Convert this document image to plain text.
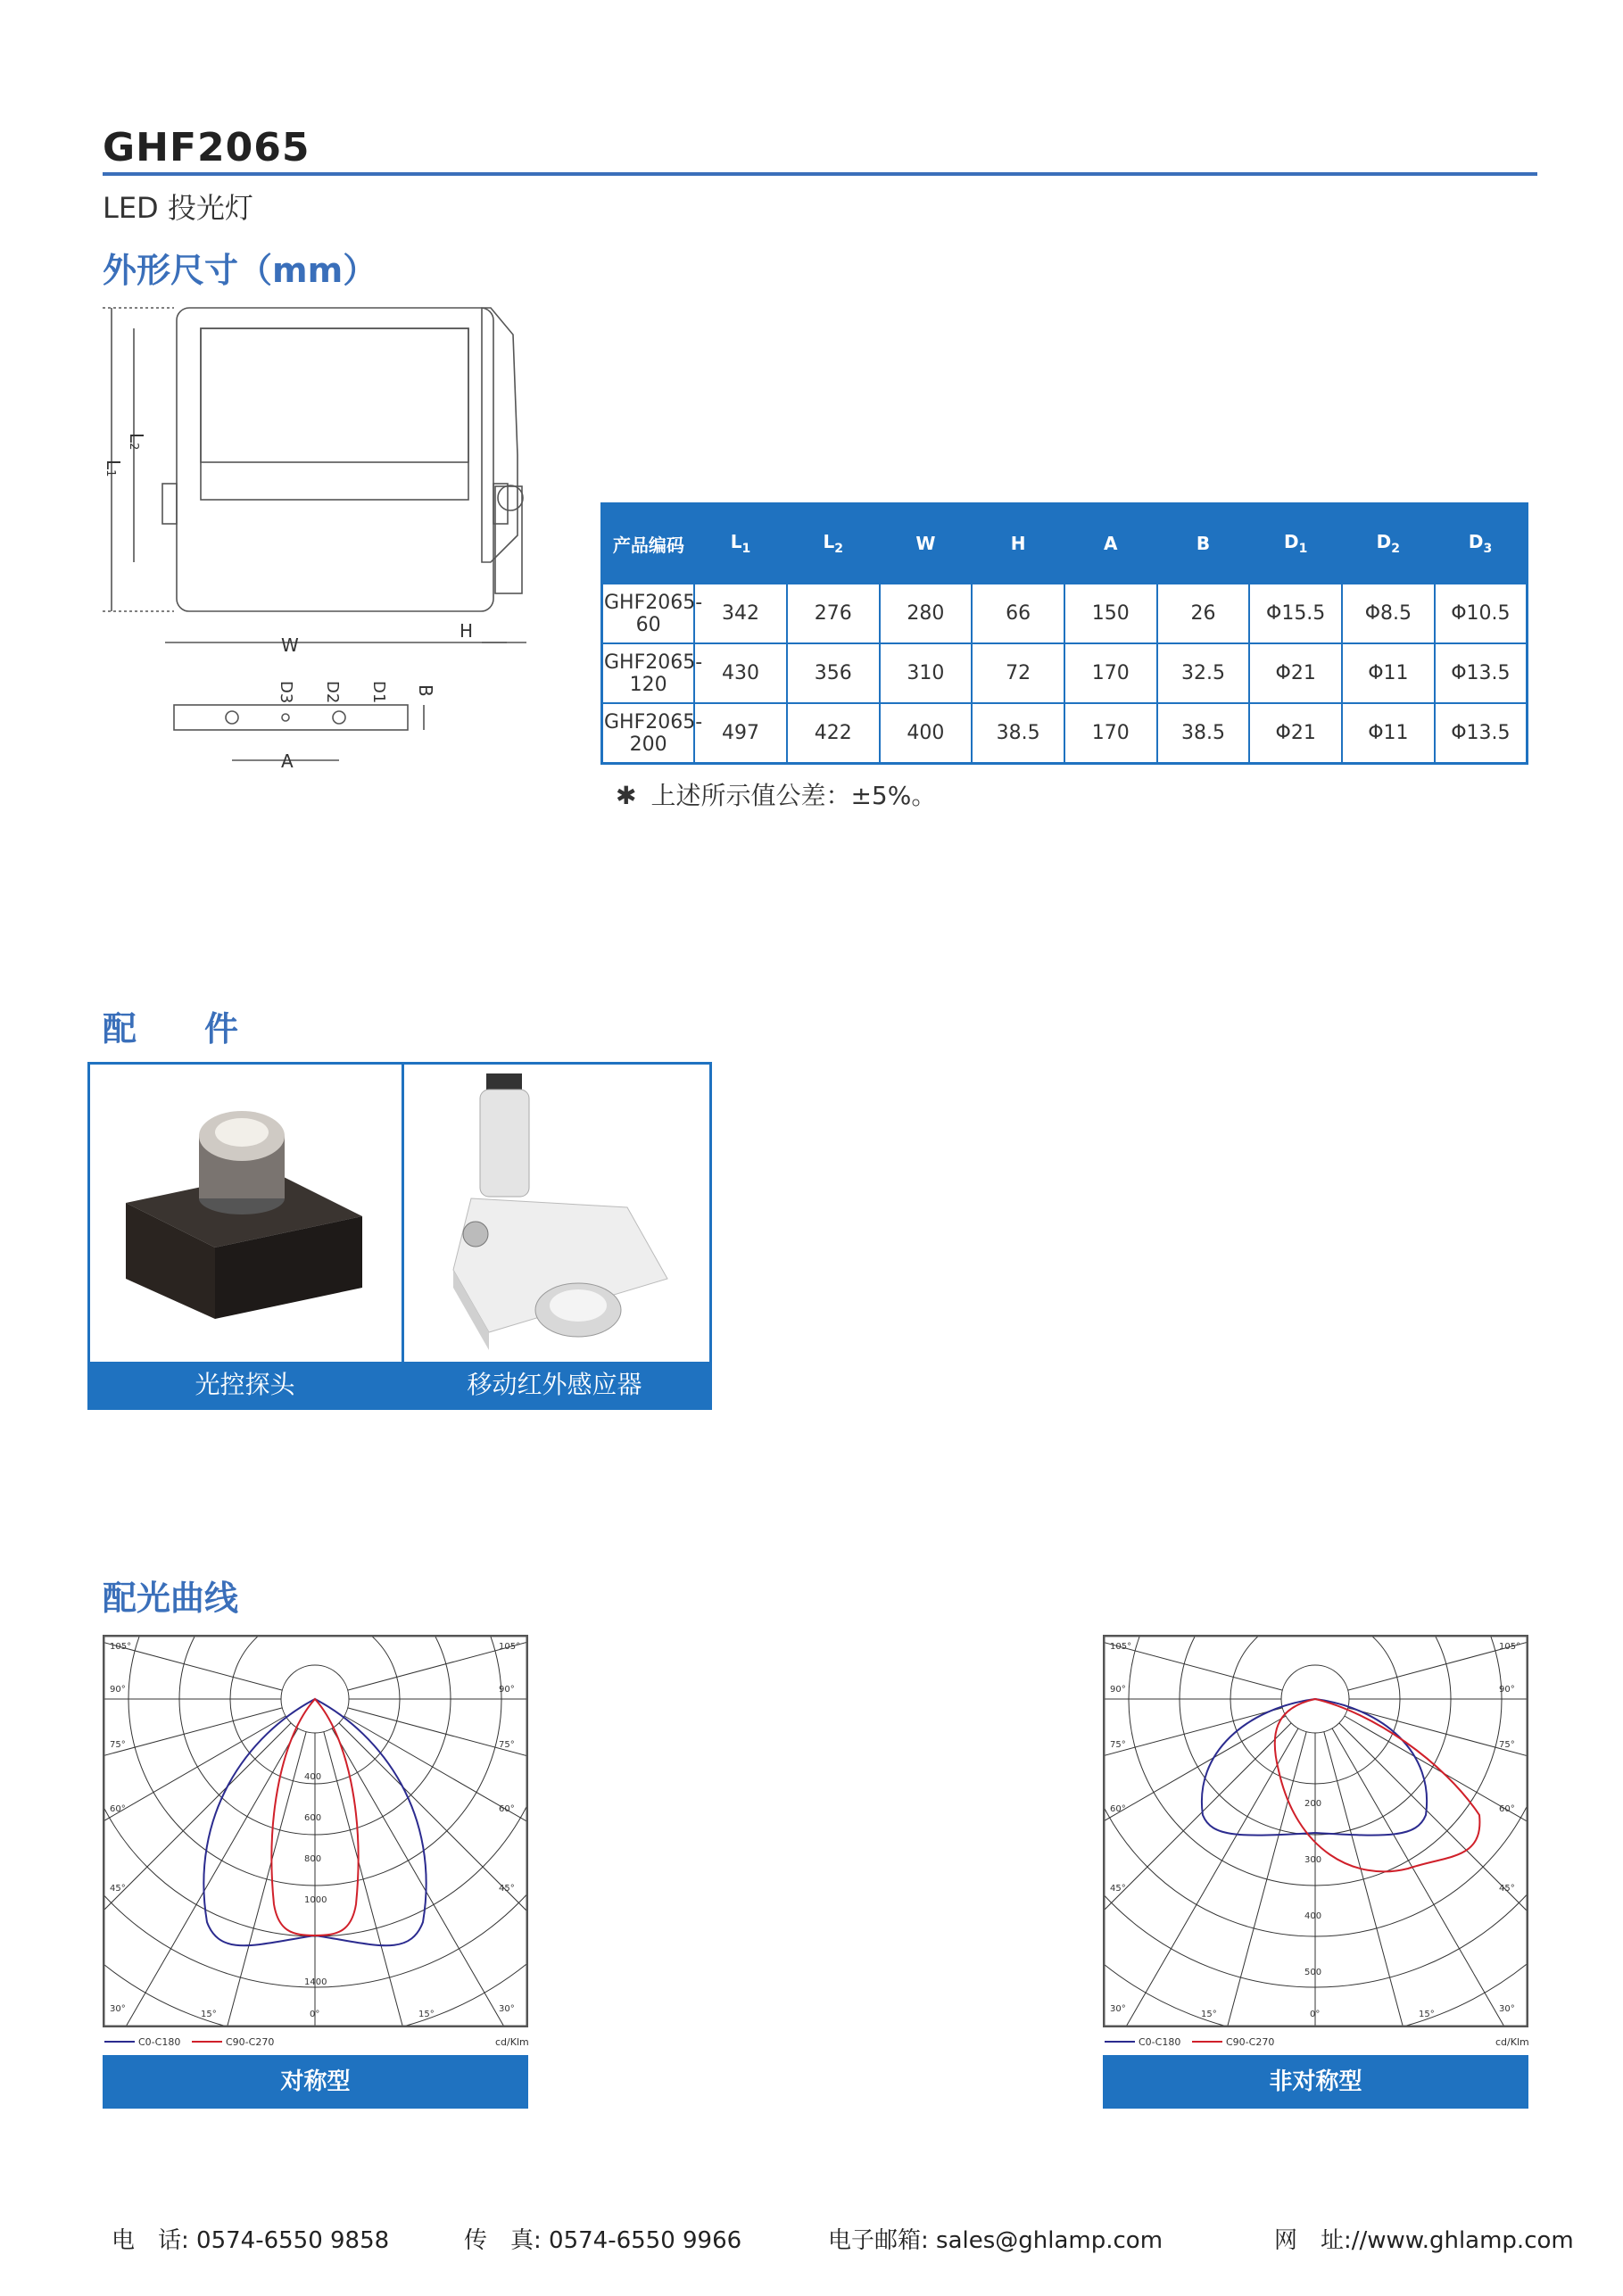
GHF2065
LED 投光灯
外形尺寸（mm）
L1
L2
W
H
A
B
D3 D2 D1
产品编码	$L_1$	$L_2$	W	H	A	B	$D_1$	$D_2$	$D_3$
GHF2065-60	342	276	280	66	150	26	Φ15.5	Φ8.5	Φ10.5
GHF2065-120	430	356	310	72	170	32.5	Φ21	Φ11	Φ13.5
GHF2065-200	497	422	400	38.5	170	38.5	Φ21	Φ11	Φ13.5
✱ 上述所示值公差：±5%。
配　　件
光控探头	移动红外感应器
配光曲线
105°	105°
90°	90°
75°	75°
60°	60°
45°	45°
30°	30°
15°	15°
0°
400
600
800
1000
1400
C0-C180	C90-C270	cd/Klm
对称型
105°	105°
90°	90°
75°	75°
60°	60°
45°	45°
30°	30°
15°	15°
0°
200
300
400
500
C0-C180	C90-C270	cd/Klm
非对称型
电　话: 0574-6550 9858	传　真: 0574-6550 9966	电子邮箱: sales@ghlamp.com	网　址://www.ghlamp.com
